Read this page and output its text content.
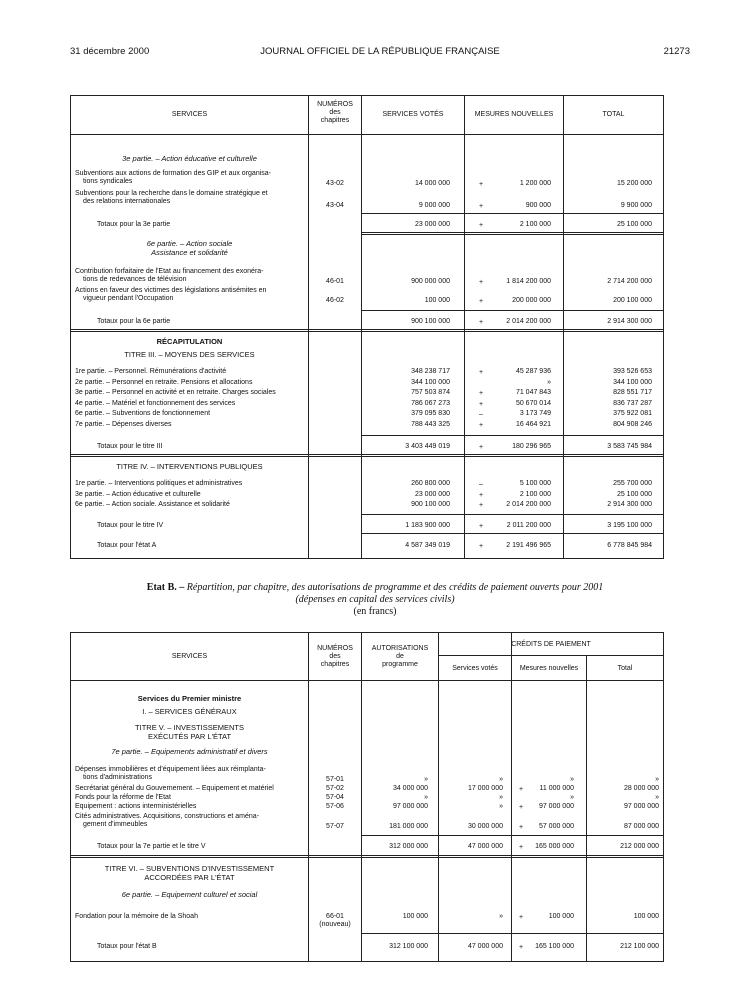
31 décembre 2000	JOURNAL OFFICIEL DE LA RÉPUBLIQUE FRANÇAISE	21273
SERVICES
NUMÉROS
des
chapitres
SERVICES VOTÉS	MESURES NOUVELLES	TOTAL
3e partie. – Action éducative et culturelle
Subventions aux actions de formation des GIP et aux organisa-
tions syndicales	43-02	14 000 000	+	1 200 000	15 200 000
Subventions pour la recherche dans le domaine stratégique et
des relations internationales
43-04	9 000 000	+	900 000	9 900 000
Totaux pour la 3e partie	23 000 000	+	2 100 000	25 100 000
6e partie. – Action sociale
Assistance et solidarité
Contribution forfaitaire de l'Etat au financement des exonéra-
tions de redevances de télévision	46-01	900 000 000	+	1 814 200 000	2 714 200 000
Actions en faveur des victimes des législations antisémites en
vigueur pendant l'Occupation	46-02	100 000	+	200 000 000	200 100 000
Totaux pour la 6e partie	900 100 000	+	2 014 200 000	2 914 300 000
RÉCAPITULATION
TITRE III. – MOYENS DES SERVICES
1re partie. – Personnel. Rémunérations d'activité	348 238 717	+	45 287 936	393 526 653
2e partie. – Personnel en retraite. Pensions et allocations	344 100 000	»	344 100 000
3e partie. – Personnel en activité et en retraite. Charges sociales	757 503 874	+	71 047 843	828 551 717
4e partie. – Matériel et fonctionnement des services	786 067 273	+	50 670 014	836 737 287
6e partie. – Subventions de fonctionnement	379 095 830	–	3 173 749	375 922 081
7e partie. – Dépenses diverses	788 443 325	+	16 464 921	804 908 246
Totaux pour le titre III	3 403 449 019	+	180 296 965	3 583 745 984
TITRE IV. – INTERVENTIONS PUBLIQUES
1re partie. – Interventions politiques et administratives	260 800 000	–	5 100 000	255 700 000
3e partie. – Action éducative et culturelle	23 000 000	+	2 100 000	25 100 000
6e partie. – Action sociale. Assistance et solidarité	900 100 000	+	2 014 200 000	2 914 300 000
Totaux pour le titre IV	1 183 900 000	+	2 011 200 000	3 195 100 000
Totaux pour l'état A	4 587 349 019	+	2 191 496 965	6 778 845 984
Etat B. – Répartition, par chapitre, des autorisations de programme et des crédits de paiement ouverts pour 2001
(dépenses en capital des services civils)
(en francs)
SERVICES
NUMÉROS
des
chapitres
AUTORISATIONS
de
programme
CRÉDITS DE PAIEMENT
Services votés	Mesures nouvelles	Total
Services du Premier ministre
I. – SERVICES GÉNÉRAUX
TITRE V. – INVESTISSEMENTS
EXÉCUTÉS PAR L'ÉTAT
7e partie. – Equipements administratif et divers
Dépenses immobilières et d'équipement liées aux réimplanta-
tions d'administrations	57-01	»	»	»	»
Secrétariat général du Gouvernement. – Equipement et matériel	57-02	34 000 000	17 000 000	+	11 000 000	28 000 000
Fonds pour la réforme de l'Etat	57-04	»	»	»	»
Equipement : actions interministérielles	57-06	97 000 000	»	+	97 000 000	97 000 000
Cités administratives. Acquisitions, constructions et aména-
gement d'immeubles	57-07	181 000 000	30 000 000	+	57 000 000	87 000 000
Totaux pour la 7e partie et le titre V	312 000 000	47 000 000	+	165 000 000	212 000 000
TITRE VI. – SUBVENTIONS D'INVESTISSEMENT
ACCORDÉES PAR L'ÉTAT
6e partie. – Equipement culturel et social
Fondation pour la mémoire de la Shoah	66-01
(nouveau)
100 000	»	+	100 000	100 000
Totaux pour l'état B	312 100 000	47 000 000	+	165 100 000	212 100 000
